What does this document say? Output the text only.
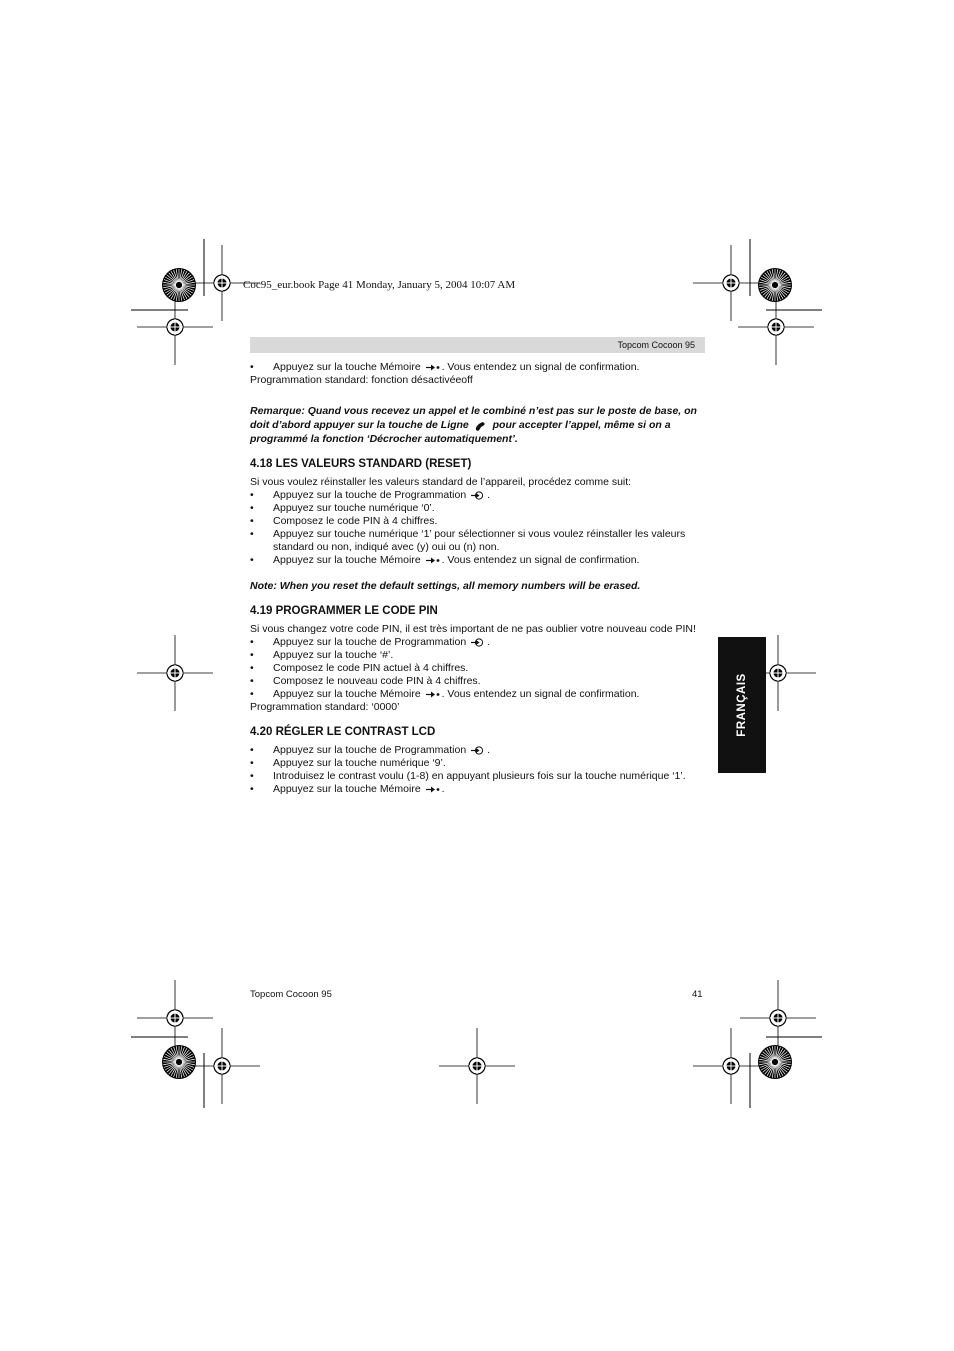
Coc95_eur.book Page 41 Monday, January 5, 2004 10:07 AM
Topcom Cocoon 95
FRANÇAIS

• Appuyez sur la touche Mémoire . Vous entendez un signal de confirmation.

Programmation standard: fonction désactivéeoff

Remarque: Quand vous recevez un appel et le combiné n’est pas sur le poste de base, on doit d’abord appuyer sur la touche de Ligne pour accepter l’appel, même si on a programmé la fonction ‘Décrocher automatiquement’.

4.18 LES VALEURS STANDARD (RESET)

Si vous voulez réinstaller les valeurs standard de l’appareil, procédez comme suit:

• Appuyez sur la touche de Programmation .

• Appuyez sur touche numérique ‘0’.

• Composez le code PIN à 4 chiffres.

• Appuyez sur touche numérique ‘1’ pour sélectionner si vous voulez réinstaller les valeurs standard ou non, indiqué avec (y) oui ou (n) non.

• Appuyez sur la touche Mémoire . Vous entendez un signal de confirmation.

Note: When you reset the default settings, all memory numbers will be erased.

4.19 PROGRAMMER LE CODE PIN

Si vous changez votre code PIN, il est très important de ne pas oublier votre nouveau code PIN!

• Appuyez sur la touche de Programmation .

• Appuyez sur la touche ‘#’.

• Composez le code PIN actuel à 4 chiffres.

• Composez le nouveau code PIN à 4 chiffres.

• Appuyez sur la touche Mémoire . Vous entendez un signal de confirmation.

Programmation standard: ‘0000’

4.20 RÉGLER LE CONTRAST LCD

• Appuyez sur la touche de Programmation .

• Appuyez sur la touche numérique ‘9’.

• Introduisez le contrast voulu (1-8) en appuyant plusieurs fois sur la touche numérique ‘1’.

• Appuyez sur la touche Mémoire .

Topcom Cocoon 95	41
